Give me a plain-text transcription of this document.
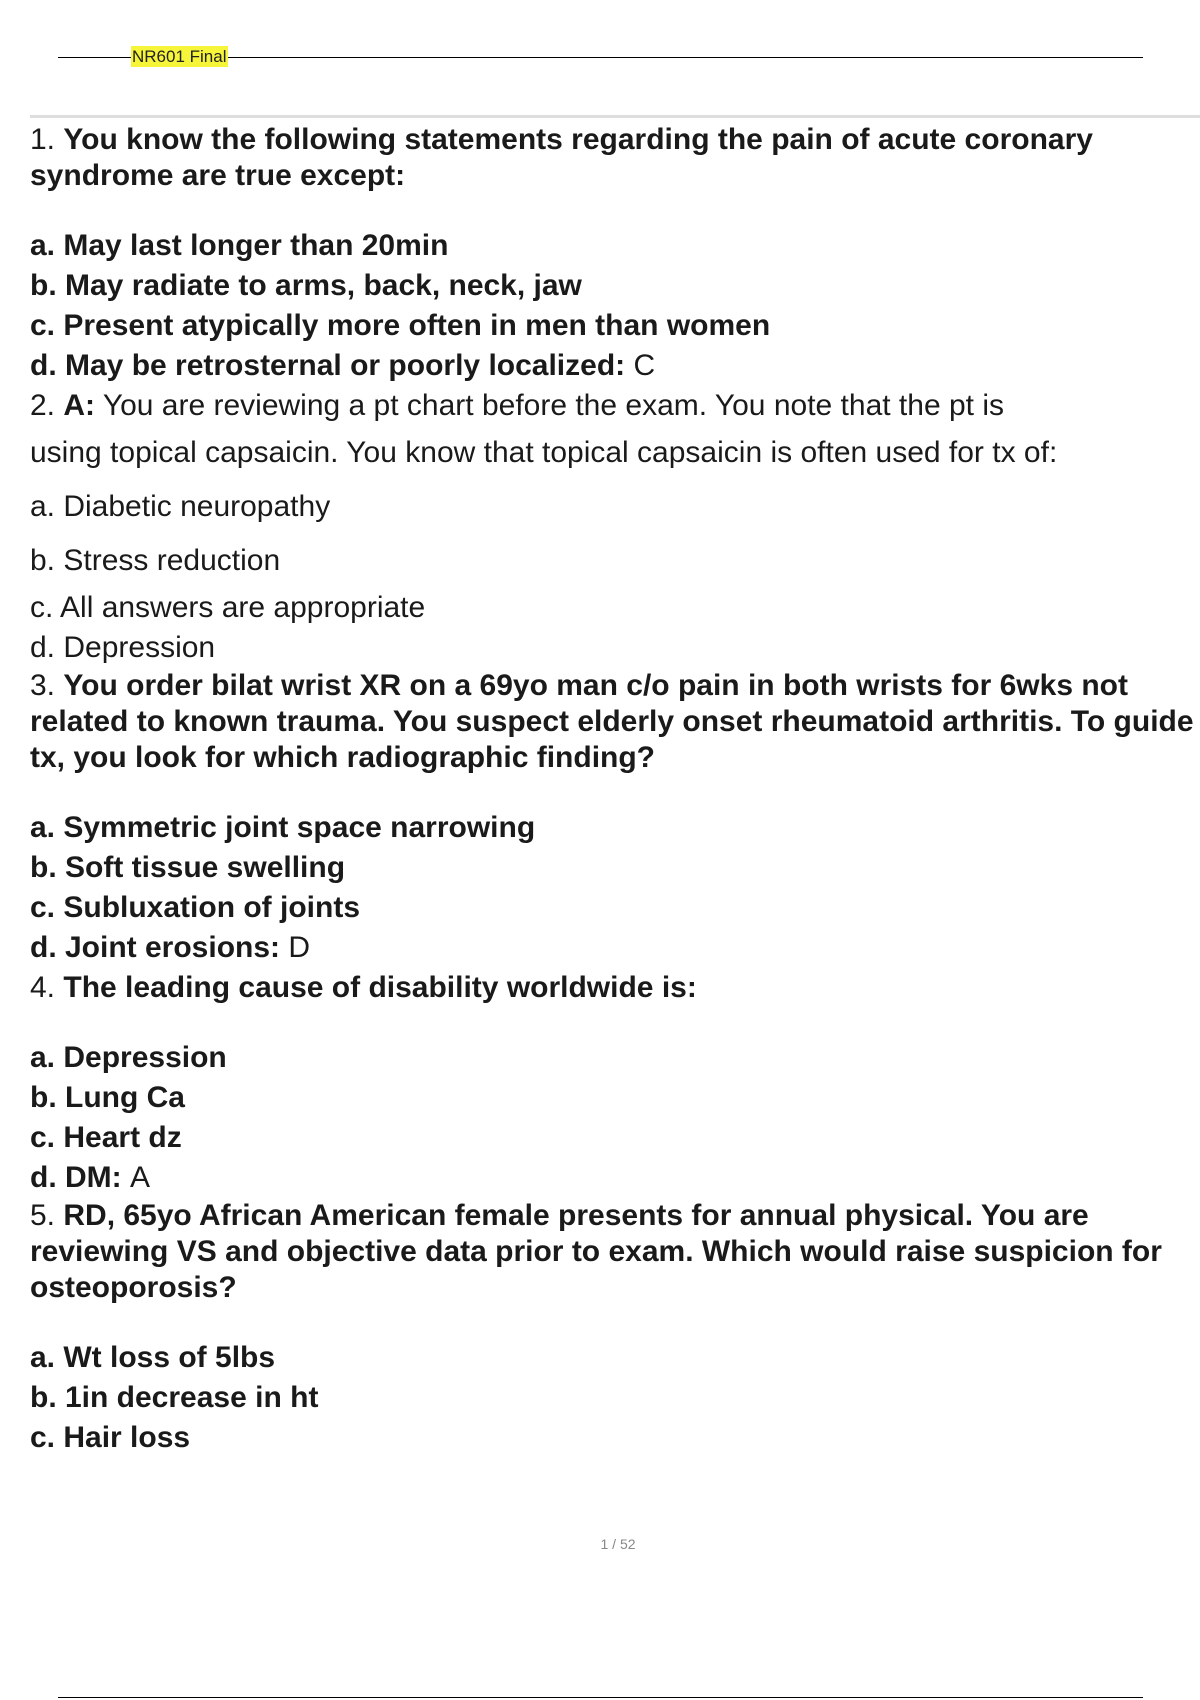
NR601 Final

1. You know the following statements regarding the pain of acute coronary syndrome are true except:

a. May last longer than 20min

b. May radiate to arms, back, neck, jaw

c. Present atypically more often in men than women

d. May be retrosternal or poorly localized: C

2. A: You are reviewing a pt chart before the exam. You note that the pt is

using topical capsaicin. You know that topical capsaicin is often used for tx of:

a. Diabetic neuropathy

b. Stress reduction

c. All answers are appropriate

d. Depression

3. You order bilat wrist XR on a 69yo man c/o pain in both wrists for 6wks not related to known trauma. You suspect elderly onset rheumatoid arthritis. To guide tx, you look for which radiographic finding?

a. Symmetric joint space narrowing

b. Soft tissue swelling

c. Subluxation of joints

d. Joint erosions: D

4. The leading cause of disability worldwide is:

a. Depression

b. Lung Ca

c. Heart dz

d. DM: A

5. RD, 65yo African American female presents for annual physical. You are reviewing VS and objective data prior to exam. Which would raise suspicion for osteoporosis?

a. Wt loss of 5lbs

b. 1in decrease in ht

c. Hair loss

1 / 52
